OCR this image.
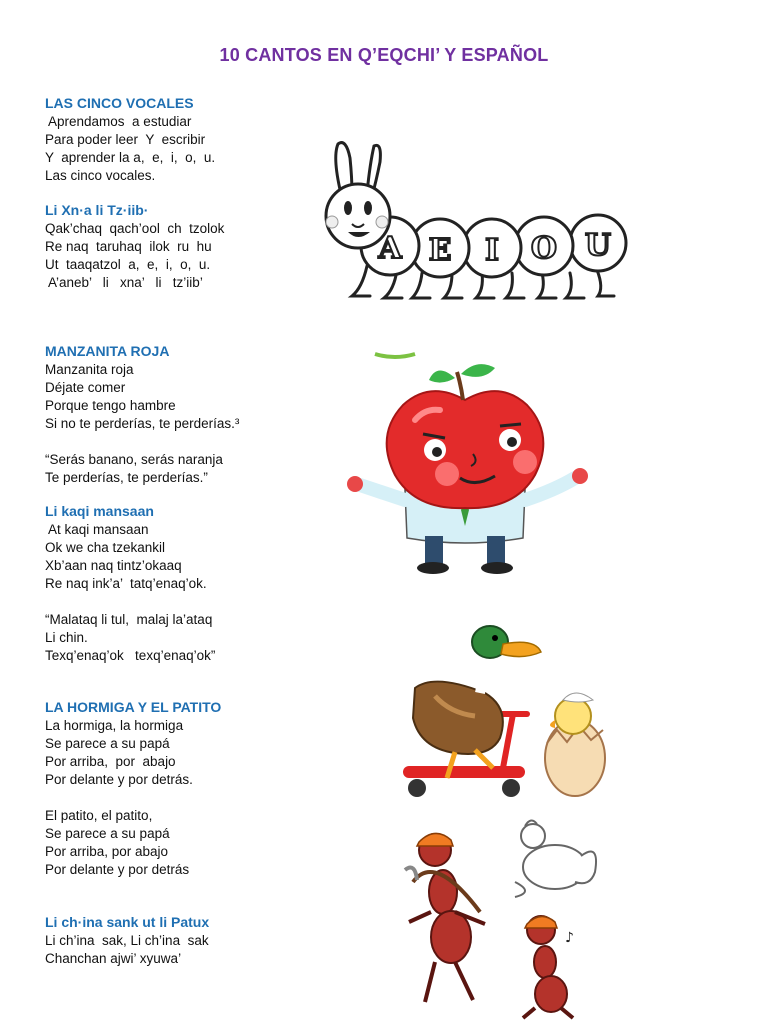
10 CANTOS EN Q’EQCHI’ Y ESPAÑOL
LAS CINCO VOCALES
Aprendamos  a estudiar
Para poder leer  Y  escribir
Y  aprender la a,  e,  i,  o,  u.
Las cinco vocales.
Li Xn·a li Tz·iib·
Qak’chaq  qach’ool  ch  tzolok
Re naq  taruhaq  ilok  ru  hu
Ut  taaqatzol  a,  e,  i,  o,  u.
A’aneb’   li   xna’   li   tz’iib’
MANZANITA ROJA
Manzanita roja
Déjate comer
Porque tengo hambre
Si no te perderías, te perderías.³
“Serás banano, serás naranja
Te perderías, te perderías.”
Li kaqi mansaan
At kaqi mansaan
Ok we cha tzekankil
Xb’aan naq tintz’okaaq
Re naq ink’a’  tatq’enaq’ok.
“Malataq li tul,  malaj la’ataq
Li chin.
Texq’enaq’ok   texq’enaq’ok”
LA HORMIGA Y EL PATITO
La hormiga, la hormiga
Se parece a su papá
Por arriba,  por  abajo
Por delante y por detrás.
El patito, el patito,
Se parece a su papá
Por arriba, por abajo
Por delante y por detrás
Li ch·ina sank ut li Patux
Li ch’ina  sak, Li ch’ina  sak
Chanchan ajwi’ xyuwa’
A E I O U
♪
